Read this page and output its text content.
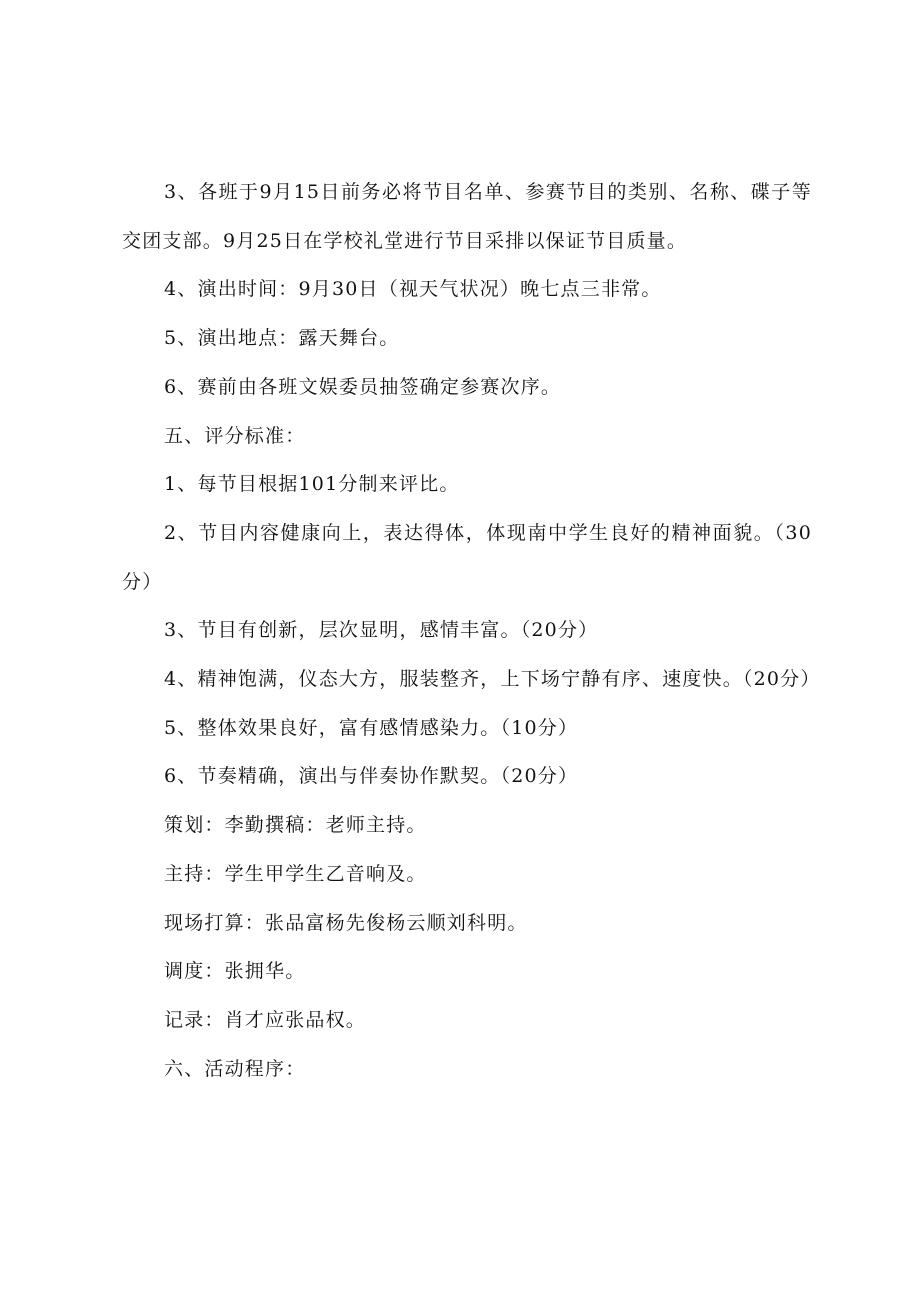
3、各班于9月15日前务必将节目名单、参赛节目的类别、名称、碟子等交团支部。9月25日在学校礼堂进行节目采排以保证节目质量。

4、演出时间：9月30日（视天气状况）晚七点三非常。

5、演出地点：露天舞台。

6、赛前由各班文娱委员抽签确定参赛次序。

五、评分标准：

1、每节目根据101分制来评比。

2、节目内容健康向上，表达得体，体现南中学生良好的精神面貌。（30分）

3、节目有创新，层次显明，感情丰富。（20分）

4、精神饱满，仪态大方，服装整齐，上下场宁静有序、速度快。（20分）

5、整体效果良好，富有感情感染力。（10分）

6、节奏精确，演出与伴奏协作默契。（20分）

策划：李勤撰稿：老师主持。

主持：学生甲学生乙音响及。

现场打算：张品富杨先俊杨云顺刘科明。

调度：张拥华。

记录：肖才应张品权。

六、活动程序：
